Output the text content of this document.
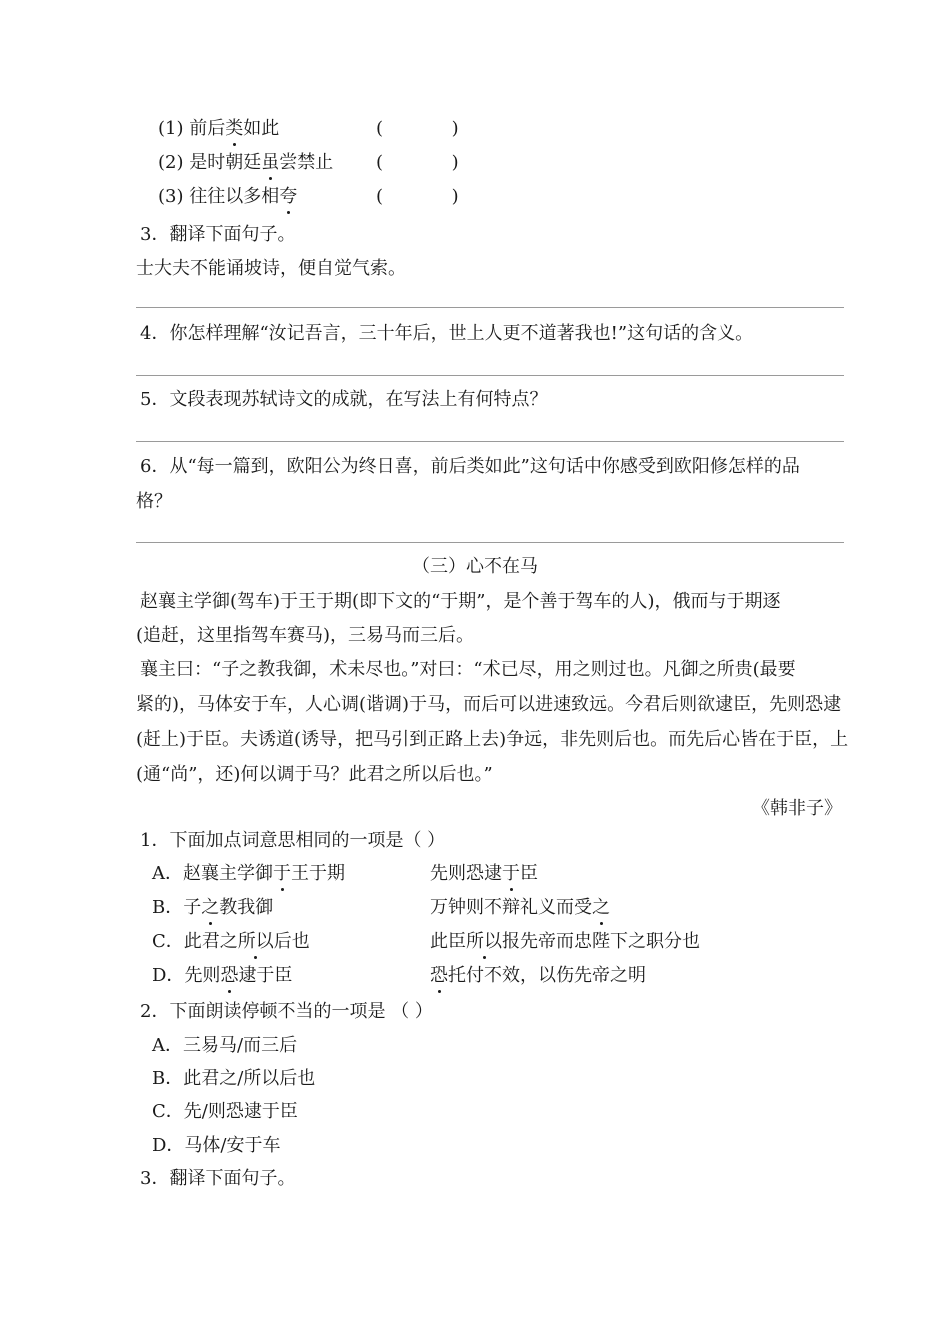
(1) 前后类如此	(            )
(2) 是时朝廷虽尝禁止 (            )
(3) 往往以多相夸	(            )
3．翻译下面句子。
士大夫不能诵坡诗，便自觉气索。
4．你怎样理解“汝记吾言，三十年后，世上人更不道著我也!”这句话的含义。
5．文段表现苏轼诗文的成就，在写法上有何特点？
6．从“每一篇到，欧阳公为终日喜，前后类如此”这句话中你感受到欧阳修怎样的品
格？
（三）心不在马
赵襄主学御(驾车)于王于期(即下文的“于期”，是个善于驾车的人)，俄而与于期逐
(追赶，这里指驾车赛马)，三易马而三后。
襄主曰：“子之教我御，术未尽也。”对曰：“术已尽，用之则过也。凡御之所贵(最要
紧的)，马体安于车，人心调(谐调)于马，而后可以进速致远。今君后则欲逮臣，先则恐逮
(赶上)于臣。夫诱道(诱导，把马引到正路上去)争远，非先则后也。而先后心皆在于臣，上
(通“尚”，还)何以调于马？此君之所以后也。”
《韩非子》
1．下面加点词意思相同的一项是（ ）
A．赵襄主学御于王于期	先则恐逮于臣
B．子之教我御	万钟则不辩礼义而受之
C．此君之所以后也	此臣所以报先帝而忠陛下之职分也
D．先则恐逮于臣	恐托付不效，以伤先帝之明
2．下面朗读停顿不当的一项是 （ ）
A．三易马/而三后
B．此君之/所以后也
C．先/则恐逮于臣
D．马体/安于车
3．翻译下面句子。
